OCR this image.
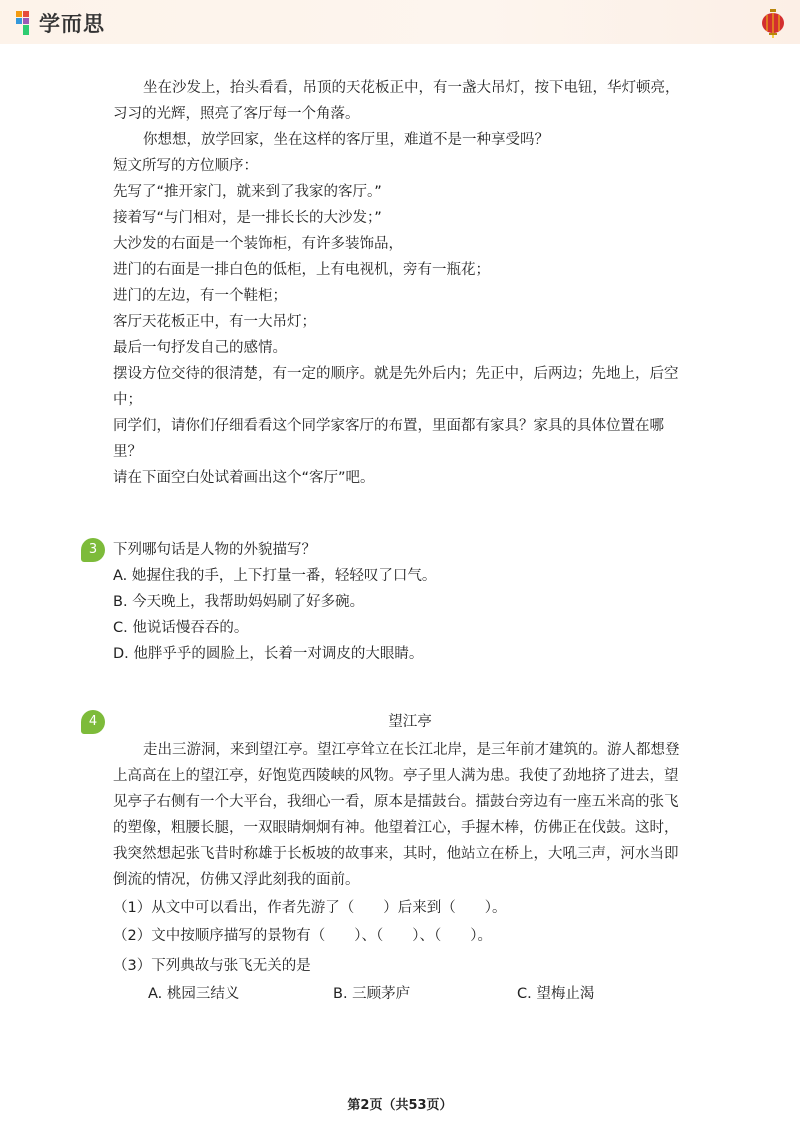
学而思
坐在沙发上，抬头看看，吊顶的天花板正中，有一盏大吊灯，按下电钮，华灯顿亮，
习习的光辉，照亮了客厅每一个角落。
你想想，放学回家，坐在这样的客厅里，难道不是一种享受吗？
短文所写的方位顺序：
先写了“推开家门，就来到了我家的客厅。”
接着写“与门相对，是一排长长的大沙发；”
大沙发的右面是一个装饰柜，有许多装饰品，
进门的右面是一排白色的低柜，上有电视机，旁有一瓶花；
进门的左边，有一个鞋柜；
客厅天花板正中，有一大吊灯；
最后一句抒发自己的感情。
摆设方位交待的很清楚，有一定的顺序。就是先外后内；先正中，后两边；先地上，后空
中；
同学们，请你们仔细看看这个同学家客厅的布置，里面都有家具？家具的具体位置在哪
里？
请在下面空白处试着画出这个“客厅”吧。
3	下列哪句话是人物的外貌描写？
A. 她握住我的手，上下打量一番，轻轻叹了口气。
B. 今天晚上，我帮助妈妈刷了好多碗。
C. 他说话慢吞吞的。
D. 他胖乎乎的圆脸上，长着一对调皮的大眼睛。
4	望江亭
走出三游洞，来到望江亭。望江亭耸立在长江北岸，是三年前才建筑的。游人都想登
上高高在上的望江亭，好饱览西陵峡的风物。亭子里人满为患。我使了劲地挤了进去，望
见亭子右侧有一个大平台，我细心一看，原本是擂鼓台。擂鼓台旁边有一座五米高的张飞
的塑像，粗腰长腿，一双眼睛炯炯有神。他望着江心，手握木棒，仿佛正在伐鼓。这时，
我突然想起张飞昔时称雄于长板坡的故事来，其时，他站立在桥上，大吼三声，河水当即
倒流的情况，仿佛又浮此刻我的面前。
（1）从文中可以看出，作者先游了（　　）后来到（　　）。
（2）文中按顺序描写的景物有（　　）、（　　）、（　　）。
（3）下列典故与张飞无关的是
A. 桃园三结义	B. 三顾茅庐	C. 望梅止渴
第2页（共53页）
